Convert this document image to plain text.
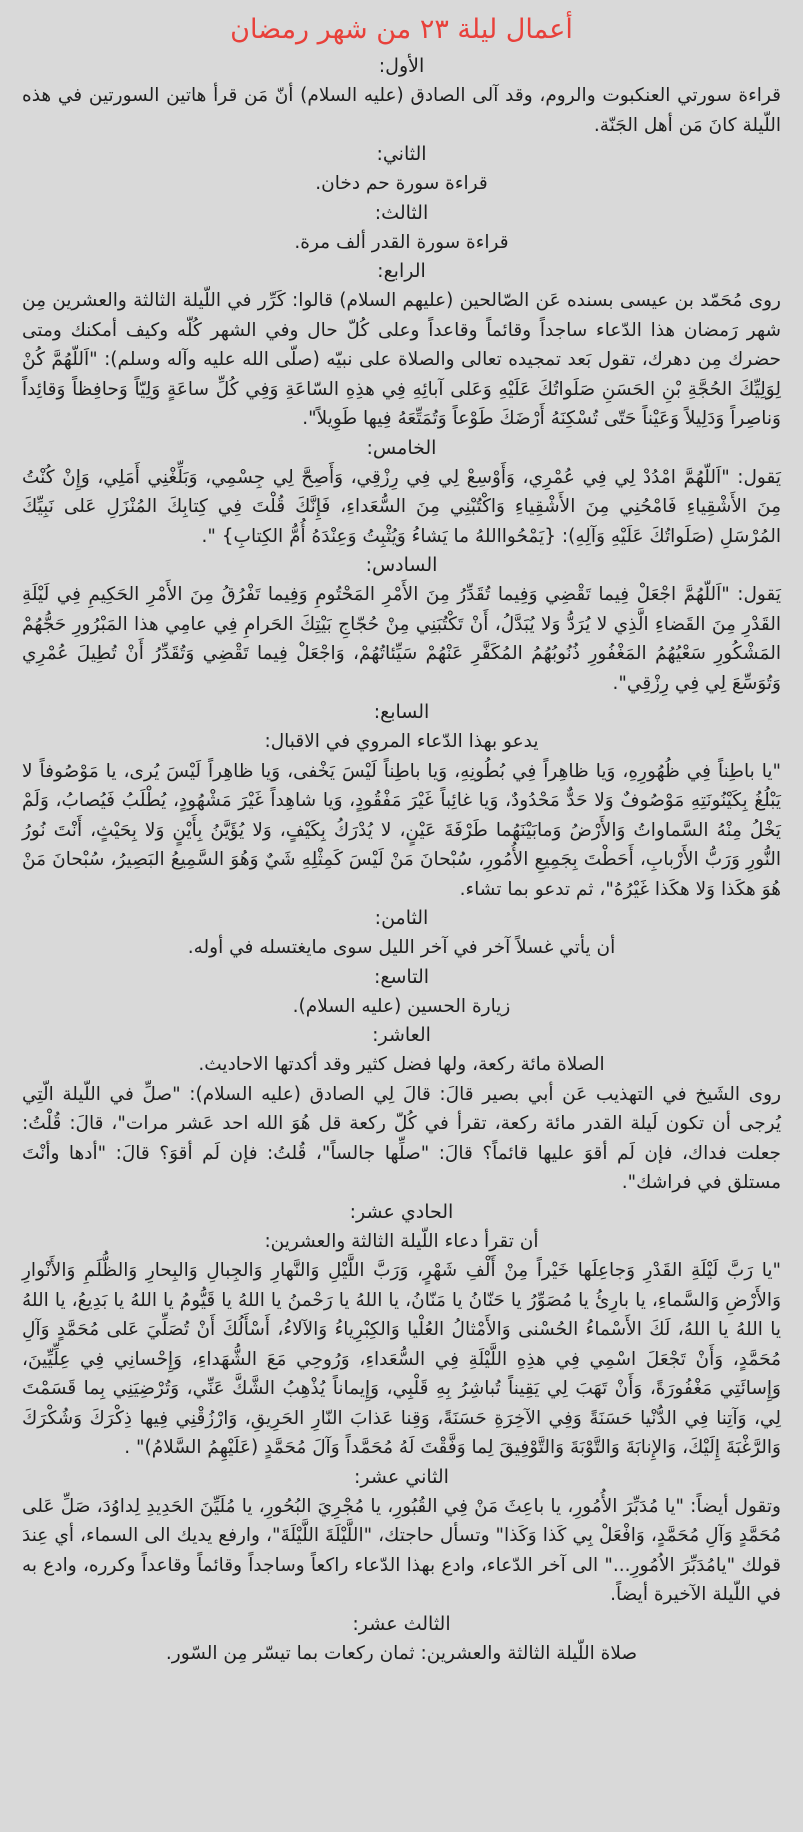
أعمال ليلة ٢٣ من شهر رمضان
الأول:

قراءة سورتي العنكبوت والروم، وقد آلى الصادق (عليه السلام) أنّ مَن قرأ هاتين السورتين في هذه اللّيلة كانَ مَن أهل الجَنّة.

الثاني:

قراءة سورة حم دخان.

الثالث:

قراءة سورة القدر ألف مرة.

الرابع:

روى مُحَمّد بن عيسى بسنده عَن الصّالحين (عليهم السلام) قالوا: كَرِّر في اللّيلة الثالثة والعشرين مِن شهر رَمضان هذا الدّعاء ساجداً وقائماً وقاعداً وعلى كُلّ حال وفي الشهر كُلّه وكيف أمكنك ومتى حضرك مِن دهرك، تقول بَعد تمجيده تعالى والصلاة على نبيّه (صلّى الله عليه وآله وسلم): "اَللّهُمَّ كُنْ لِوَلِيِّكَ الحُجَّةِ بْنِ الحَسَنِ صَلَواتُكَ عَلَيْهِ وَعَلى آبائِهِ فِي هذِهِ السّاعَةِ وَفِي كُلِّ ساعَةٍ وَلِيّاً وَحافِظاً وَقائِداً وَناصِراً وَدَلِيلاً وَعَيْناً حَتّى تُسْكِنَهُ أَرْضَكَ طَوْعاً وَتُمَتِّعَهُ فِيها طَوِيلاً".

الخامس:

يَقول: "اَللّهُمَّ امْدُدْ لِي فِي عُمْرِي، وَأَوْسِعْ لِي فِي رِزْقِي، وَأَصِحَّ لِي جِسْمِي، وَبَلِّغْنِي أَمَلِي، وَإِنْ كُنْتُ مِنَ الأَشْقِياءِ فَامْحُنِي مِنَ الأَشْقِياءِ وَاكْتُبْنِي مِنَ السُّعَداءِ، فَإِنَّكَ قُلْتَ فِي كِتابِكَ المُنْزَلِ عَلى نَبِيِّكَ المُرْسَلِ (صَلَواتُكَ عَلَيْهِ وَآلِهِ): {يَمْحُوااللهُ ما يَشاءُ وَيُثْبِتُ وَعِنْدَهُ أُمُّ الكِتابِ} ".

السادس:

يَقول: "اَللّهُمَّ اجْعَلْ فِيما تَقْضِي وَفِيما تُقَدِّرُ مِنَ الأَمْرِ المَحْتُومِ وَفِيما تَفْرُقُ مِنَ الأَمْرِ الحَكِيمِ فِي لَيْلَةِ القَدْرِ مِنَ القَضاءِ الَّذِي لا يُرَدُّ وَلا يُبَدَّلُ، أَنْ تَكْتُبَنِي مِنْ حُجّاجِ بَيْتِكَ الحَرامِ فِي عامِي هذا المَبْرُورِ حَجُّهُمْ المَشْكُورِ سَعْيُهُمُ المَغْفُورِ ذُنُوبُهُمُ المُكَفَّرِ عَنْهُمْ سَيِّئاتُهُمْ، وَاجْعَلْ فِيما تَقْضِي وَتُقَدِّرُ أَنْ تُطِيلَ عُمْرِي وَتُوَسِّعَ لِي فِي رِزْقِي".

السابع:

يدعو بهذا الدّعاء المروي في الاقبال:

"يا باطِناً فِي ظُهُورِهِ، وَيا ظاهِراً فِي بُطُونِهِ، وَيا باطِناً لَيْسَ يَخْفى، وَيا ظاهِراً لَيْسَ يُرى، يا مَوْصُوفاً لا يَبْلُغُ بِكَيْنُونَتِهِ مَوْصُوفٌ وَلا حَدٌّ مَحْدُودٌ، وَيا غائِباً غَيْرَ مَفْقُودٍ، وَيا شاهِداً غَيْرَ مَشْهُودٍ، يُطْلَبُ فَيُصابُ، وَلَمْ يَخْلُ مِنْهُ السَّماواتُ وَالأَرْضُ وَمابَيْنَهُما طَرْفَةَ عَيْنٍ، لا يُدْرَكُ بِكَيْفٍ، وَلا يُؤَيَّنُ بِأَيْنٍ وَلا بِحَيْثٍ، أَنْتَ نُورُ النُّورِ وَرَبُّ الأَرْبابِ، أَحَطْتَ بِجَمِيعِ الأُمُورِ، سُبْحانَ مَنْ لَيْسَ كَمِثْلِهِ شَيٌ وَهُوَ السَّمِيعُ البَصِيرُ، سُبْحانَ مَنْ هُوَ هكَذا وَلا هكَذا غَيْرُهُ"، ثم تدعو بما تشاء.

الثامن:

أن يأتي غسلاً آخر في آخر الليل سوى مايغتسله في أوله.

التاسع:

زيارة الحسين (عليه السلام).

العاشر:

الصلاة مائة ركعة، ولها فضل كثير وقد أكدتها الاحاديث.

روى الشَيخ في التهذيب عَن أبي بصير قالَ: قالَ لِي الصادق (عليه السلام): "صلِّ في اللّيلة الّتِي يُرجى أن تكون لَيلة القدر مائة ركعة، تقرأ في كُلّ ركعة قل هُوَ الله احد عَشر مرات"، قالَ: قُلْتُ: جعلت فداك، فإن لَم أقوَ عليها قائماً؟ قالَ: "صلِّها جالساً"، قُلتُ: فإن لَم أقوَ؟ قالَ: "أدها وأنْتَ مستلق في فراشك".

الحادي عشر:

أن تقرأ دعاء اللّيلة الثالثة والعشرين:

"يا رَبَّ لَيْلَةِ القَدْرِ وَجاعِلَها خَيْراً مِنْ أَلْفِ شَهْرٍ، وَرَبَّ اللَّيْلِ وَالنَّهارِ وَالجِبالِ وَالبِحارِ وَالظُّلَمِ وَالأَنْوارِ وَالأَرْضِ وَالسَّماءِ، يا بارِئُ يا مُصَوِّرُ يا حَنّانُ يا مَنّانُ، يا اللهُ يا رَحْمنُ يا اللهُ يا قَيُّومُ يا اللهُ يا بَدِيعُ، يا اللهُ يا اللهُ يا اللهُ، لَكَ الأَسْماءُ الحُسْنى وَالأَمْثالُ العُلْيا وَالكِبْرِياءُ وَالآلاءُ، أَسْأَلُكَ أَنْ تُصَلِّيَ عَلى مُحَمَّدٍ وَآلِ مُحَمَّدٍ، وَأَنْ تَجْعَلَ اسْمِي فِي هذِهِ اللَّيْلَةِ فِي السُّعَداءِ، وَرُوحِي مَعَ الشُّهَداءِ، وَإِحْسانِي فِي عِلِّيِّينَ، وَإِسائَتِي مَغْفُورَةً، وَأَنْ تَهَبَ لِي يَقِيناً تُباشِرُ بِهِ قَلْبِي، وَإِيماناً يُذْهِبُ الشَّكَّ عَنِّي، وَتُرْضِيَنِي بِما قَسَمْتَ لِي، وَآتِنا فِي الدُّنْيا حَسَنَةً وَفِي الآخِرَةِ حَسَنَةً، وَقِنا عَذابَ النّارِ الحَرِيقِ، وَارْزُقْنِي فِيها ذِكْرَكَ وَشُكْرَكَ وَالرَّغْبَةَ إِلَيْكَ، وَالإِنابَةَ وَالتَّوْبَةَ وَالتَّوْفِيقَ لِما وَفَّقْتَ لَهُ مُحَمَّداً وَآلَ مُحَمَّدٍ (عَلَيْهِمُ السَّلامُ)" .

الثاني عشر:

وتقول أيضاً: "يا مُدَبِّرَ الأُمُورِ، يا باعِثَ مَنْ فِي القُبُورِ، يا مُجْرِيَ البُحُورِ، يا مُلَيِّنَ الحَدِيدِ لِداوُدَ، صَلِّ عَلى مُحَمَّدٍ وَآلِ مُحَمَّدٍ، وَافْعَلْ بِي كَذا وَكَذا" وتسأل حاجتك، "اللَّيْلَةَ اللَّيْلَةَ"، وارفع يديك الى السماء، أي عِندَ قولك "يامُدَبِّرَ الاُمُورِ..." الى آخر الدّعاء، وادع بهذا الدّعاء راكعاً وساجداً وقائماً وقاعداً وكرره، وادع به في اللّيلة الآخيرة أيضاً.

الثالث عشر:

صلاة اللّيلة الثالثة والعشرين: ثمان ركعات بما تيسّر مِن السّور.
